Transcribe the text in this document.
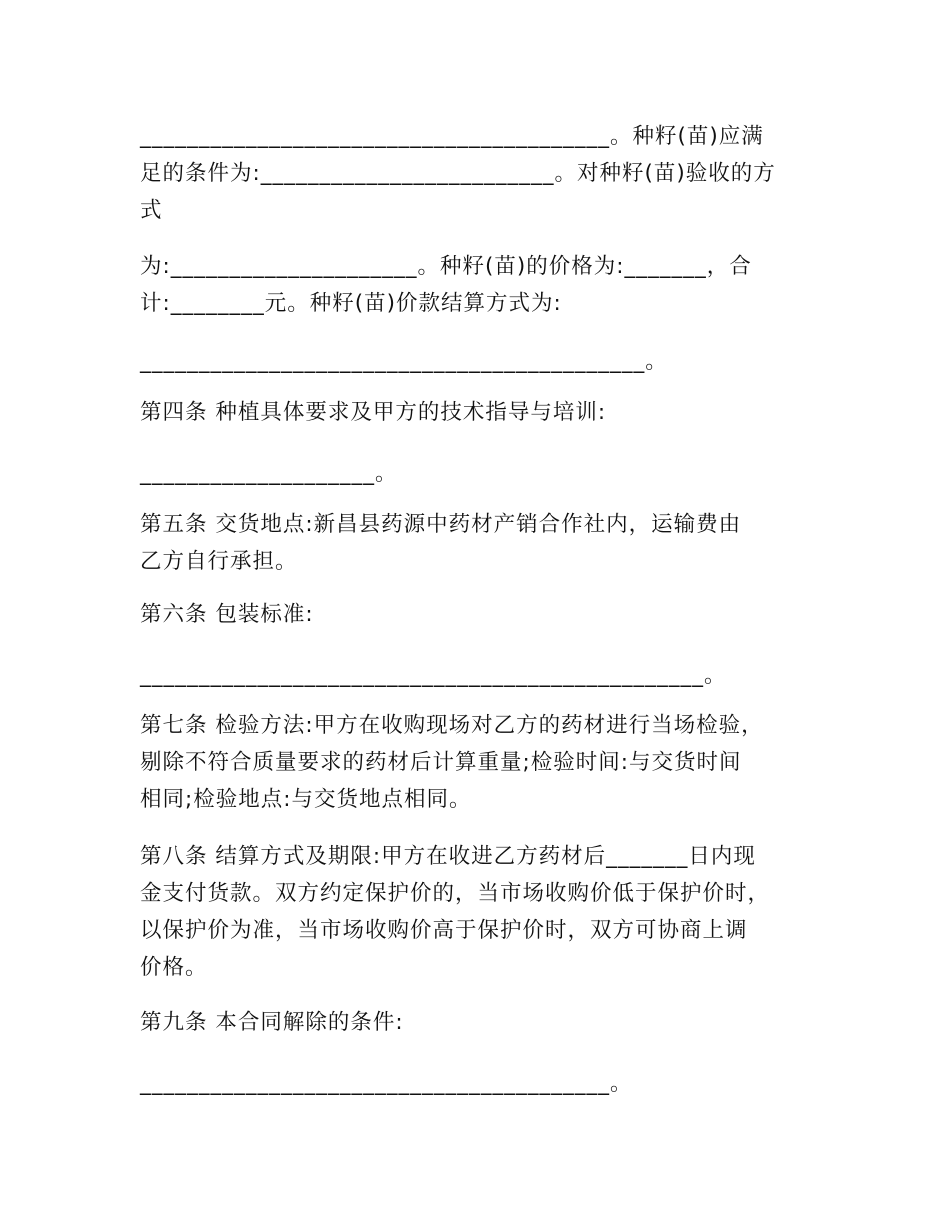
________________________________________。种籽(苗)应满
足的条件为:_________________________。对种籽(苗)验收的方
式

为:_____________________。种籽(苗)的价格为:_______，合
计:________元。种籽(苗)价款结算方式为:

___________________________________________。

第四条 种植具体要求及甲方的技术指导与培训:

____________________。

第五条 交货地点:新昌县药源中药材产销合作社内，运输费由
乙方自行承担。

第六条 包装标准:

________________________________________________。

第七条 检验方法:甲方在收购现场对乙方的药材进行当场检验，
剔除不符合质量要求的药材后计算重量;检验时间:与交货时间
相同;检验地点:与交货地点相同。

第八条 结算方式及期限:甲方在收进乙方药材后_______日内现
金支付货款。双方约定保护价的，当市场收购价低于保护价时，
以保护价为准，当市场收购价高于保护价时，双方可协商上调
价格。

第九条 本合同解除的条件:

________________________________________。
